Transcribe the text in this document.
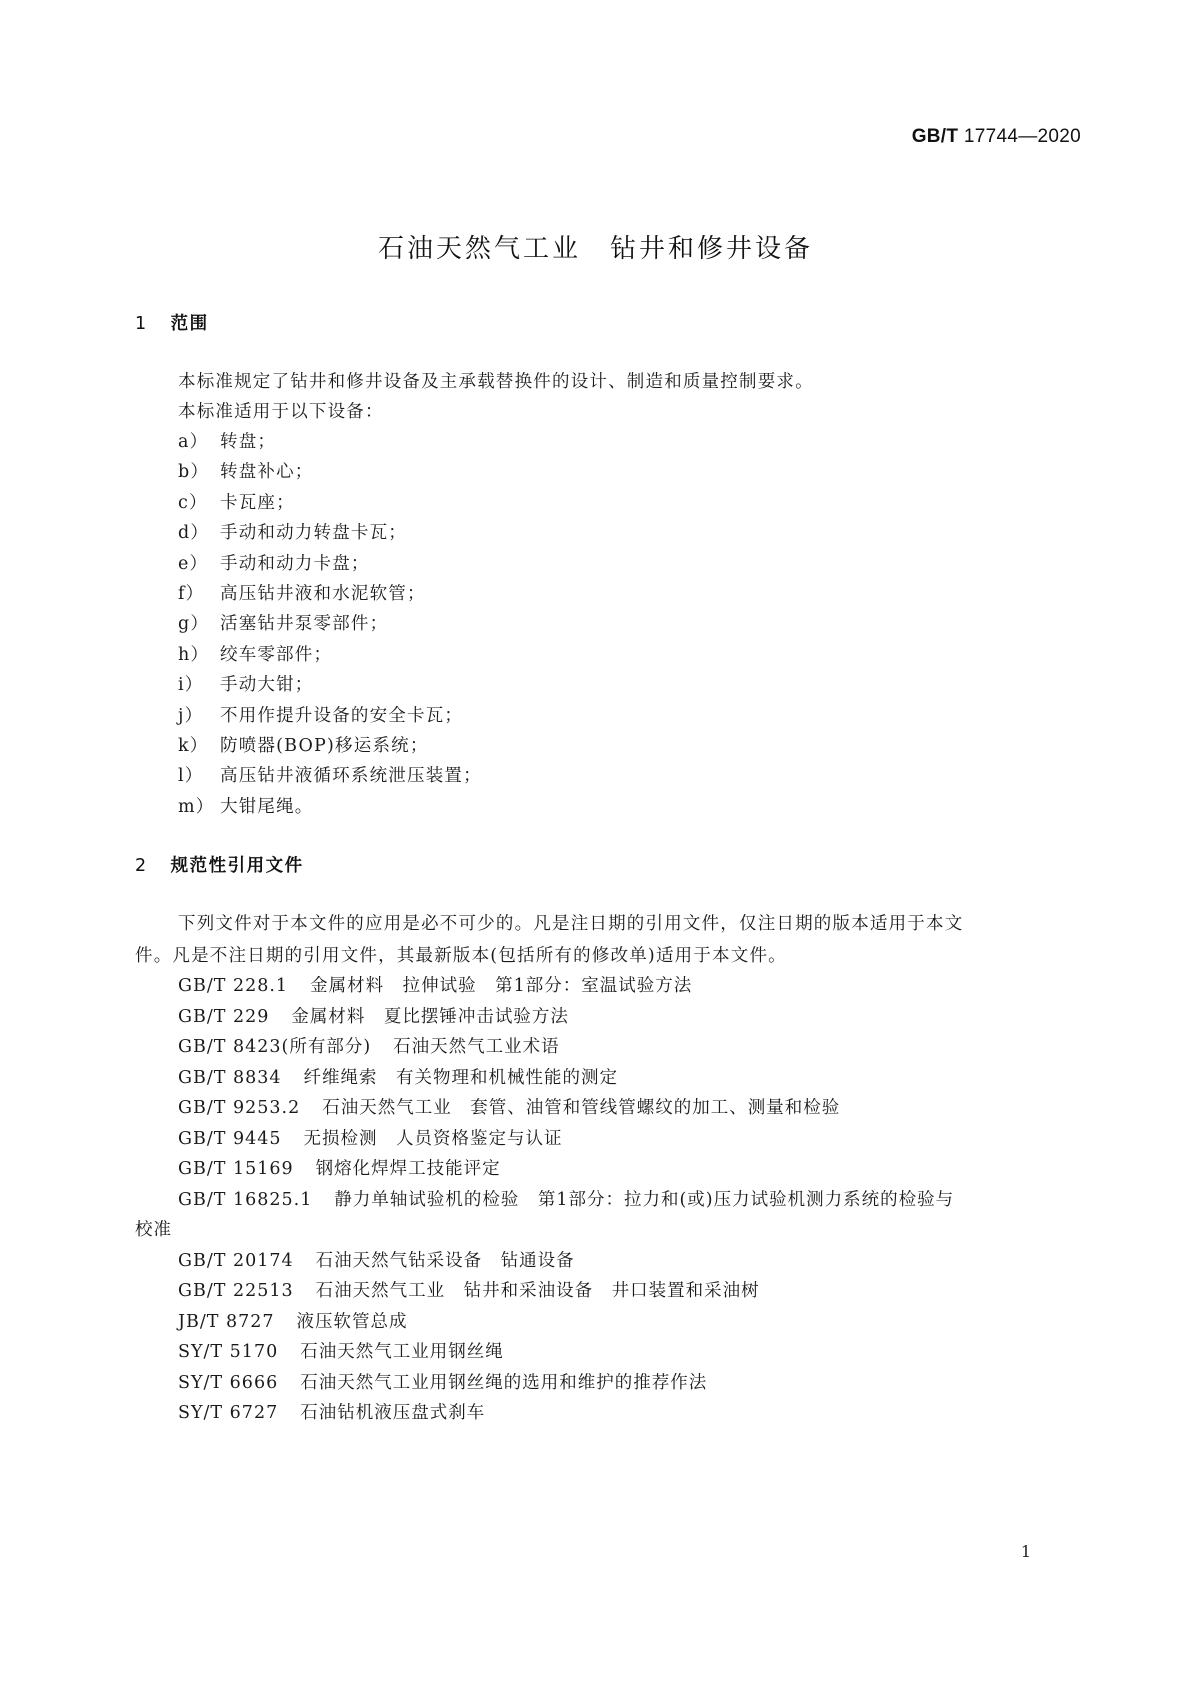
GB/T 17744—2020
石油天然气工业　钻井和修井设备
1 范围
本标准规定了钻井和修井设备及主承载替换件的设计、制造和质量控制要求。
本标准适用于以下设备：
a） 转盘；
b） 转盘补心；
c） 卡瓦座；
d） 手动和动力转盘卡瓦；
e） 手动和动力卡盘；
f） 高压钻井液和水泥软管；
g） 活塞钻井泵零部件；
h） 绞车零部件；
i） 手动大钳；
j） 不用作提升设备的安全卡瓦；
k） 防喷器(BOP)移运系统；
l） 高压钻井液循环系统泄压装置；
m） 大钳尾绳。
2 规范性引用文件
下列文件对于本文件的应用是必不可少的。凡是注日期的引用文件，仅注日期的版本适用于本文
件。凡是不注日期的引用文件，其最新版本(包括所有的修改单)适用于本文件。
GB/T 228.1 金属材料　拉伸试验　第1部分：室温试验方法
GB/T 229 金属材料　夏比摆锤冲击试验方法
GB/T 8423(所有部分) 石油天然气工业术语
GB/T 8834 纤维绳索　有关物理和机械性能的测定
GB/T 9253.2 石油天然气工业　套管、油管和管线管螺纹的加工、测量和检验
GB/T 9445 无损检测　人员资格鉴定与认证
GB/T 15169 钢熔化焊焊工技能评定
GB/T 16825.1 静力单轴试验机的检验　第1部分：拉力和(或)压力试验机测力系统的检验与
校准
GB/T 20174 石油天然气钻采设备　钻通设备
GB/T 22513 石油天然气工业　钻井和采油设备　井口装置和采油树
JB/T 8727 液压软管总成
SY/T 5170 石油天然气工业用钢丝绳
SY/T 6666 石油天然气工业用钢丝绳的选用和维护的推荐作法
SY/T 6727 石油钻机液压盘式刹车
1
